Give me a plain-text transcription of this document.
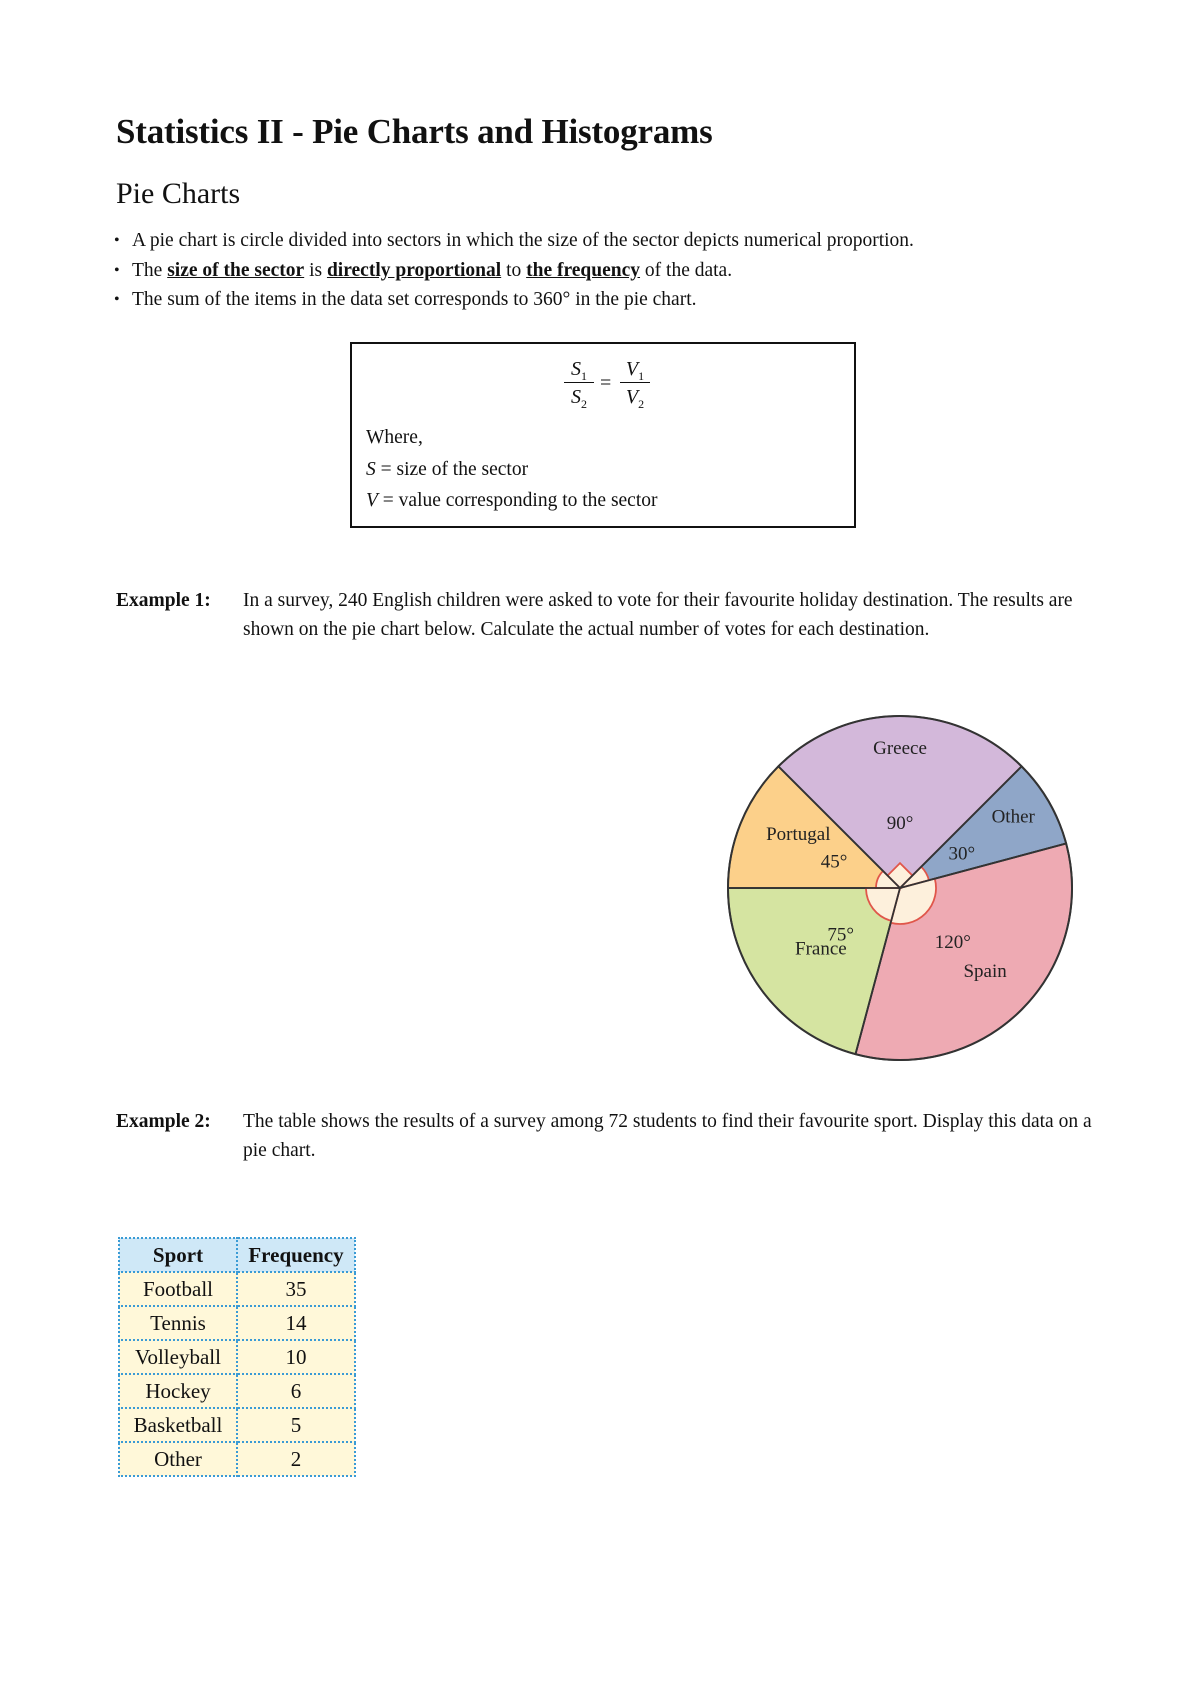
Statistics II - Pie Charts and Histograms
Pie Charts
• A pie chart is circle divided into sectors in which the size of the sector depicts numerical proportion.
• The size of the sector is directly proportional to the frequency of the data.
• The sum of the items in the data set corresponds to 360° in the pie chart.
$\frac{S_1}{S_2} = \frac{V_1}{V_2}$
Where,
S = size of the sector
V = value corresponding to the sector
Example 1: In a survey, 240 English children were asked to vote for their favourite holiday destination. The results are shown on the pie chart below. Calculate the actual number of votes for each destination.
Greece
90°	Other
30°
Spain
120°
France
75°
Portugal
45°
Example 2: The table shows the results of a survey among 72 students to find their favourite sport. Display this data on a pie chart.
Sport	Frequency
Football	35
Tennis	14
Volleyball	10
Hockey	6
Basketball	5
Other	2
